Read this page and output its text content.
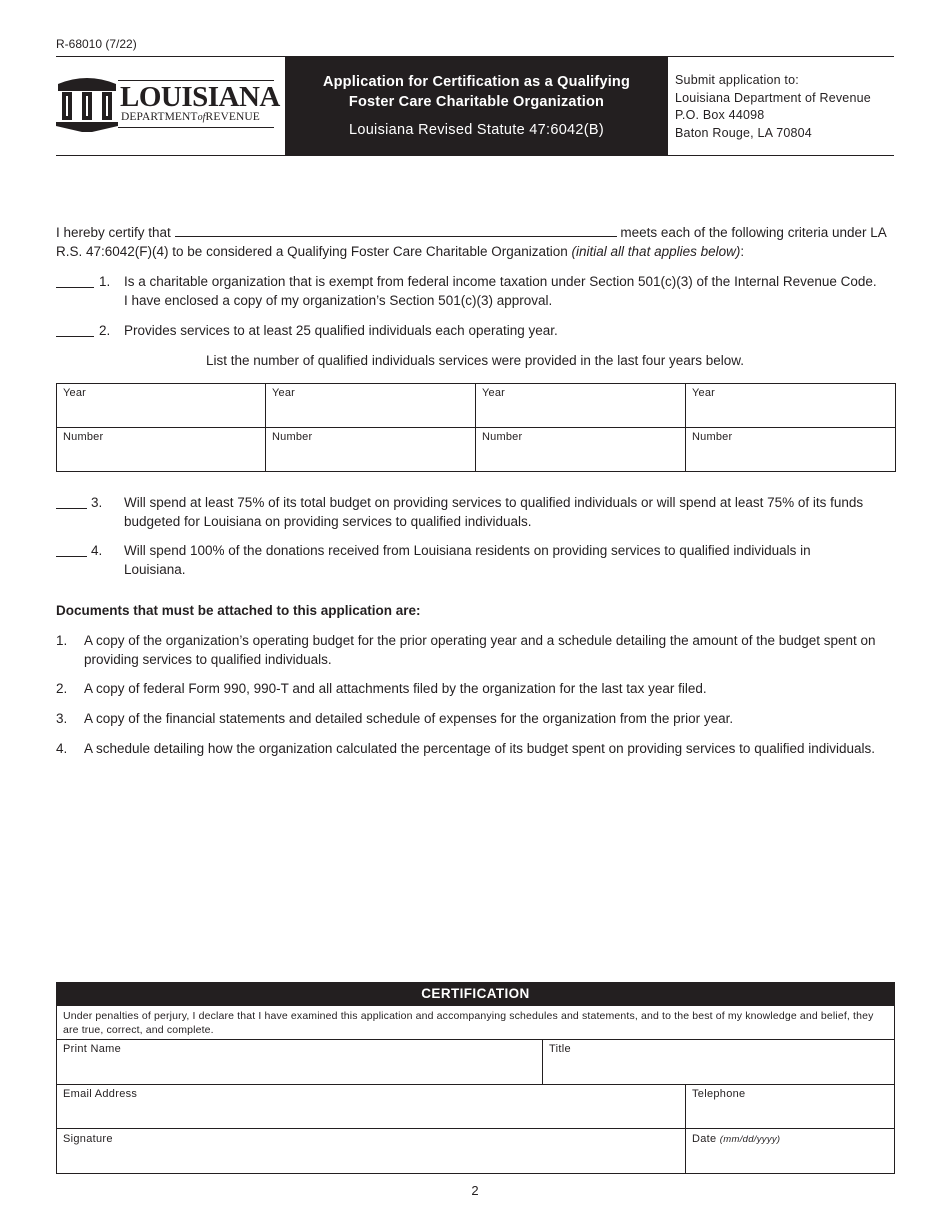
R-68010 (7/22)
LOUISIANA
DEPARTMENTofREVENUE
Application for Certification as a Qualifying
Foster Care Charitable Organization
Louisiana Revised Statute 47:6042(B)
Submit application to:
Louisiana Department of Revenue
P.O. Box 44098
Baton Rouge, LA 70804
I hereby certify that	meets each of the following criteria under LA
R.S. 47:6042(F)(4) to be considered a Qualifying Foster Care Charitable Organization (initial all that applies below):
1. Is a charitable organization that is exempt from federal income taxation under Section 501(c)(3) of the Internal Revenue Code.
I have enclosed a copy of my organization’s Section 501(c)(3) approval.
2. Provides services to at least 25 qualified individuals each operating year.
List the number of qualified individuals services were provided in the last four years below.
Year	Year	Year	Year
Number	Number	Number	Number
3. Will spend at least 75% of its total budget on providing services to qualified individuals or will spend at least 75% of its funds
budgeted for Louisiana on providing services to qualified individuals.
4. Will spend 100% of the donations received from Louisiana residents on providing services to qualified individuals in
Louisiana.
Documents that must be attached to this application are:
1. A copy of the organization’s operating budget for the prior operating year and a schedule detailing the amount of the budget spent on
providing services to qualified individuals.
2. A copy of federal Form 990, 990-T and all attachments filed by the organization for the last tax year filed.
3. A copy of the financial statements and detailed schedule of expenses for the organization from the prior year.
4. A schedule detailing how the organization calculated the percentage of its budget spent on providing services to qualified individuals.
CERTIFICATION
Under penalties of perjury, I declare that I have examined this application and accompanying schedules and statements, and to the best of my knowledge and belief, they are true, correct, and complete.
Print Name	Title
Email Address	Telephone
Signature	Date (mm/dd/yyyy)
2
